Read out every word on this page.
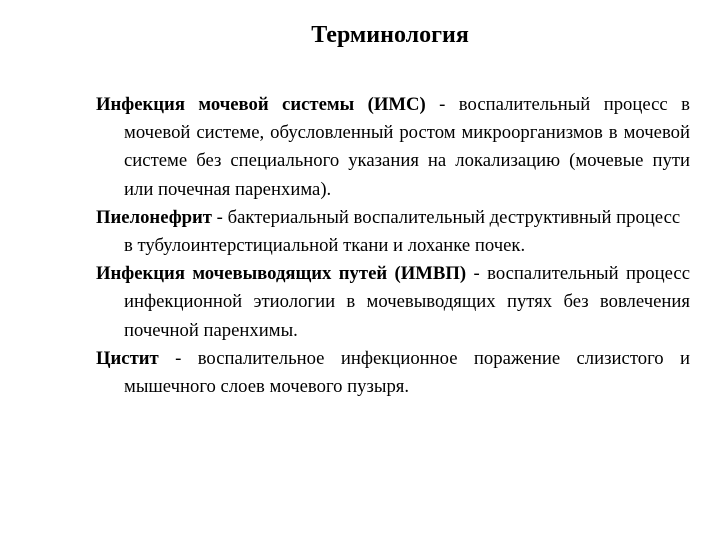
Терминология

Инфекция мочевой системы (ИМС) - воспалительный процесс в мочевой системе, обусловленный ростом микроорганизмов в мочевой системе без специального указания на локализацию (мочевые пути или почечная паренхима).

Пиелонефрит - бактериальный воспалительный деструктивный процесс в тубулоинтерстициальной ткани и лоханке почек.

Инфекция мочевыводящих путей (ИМВП) - воспалительный процесс инфекционной этиологии в мочевыводящих путях без вовлечения почечной паренхимы.

Цистит - воспалительное инфекционное поражение слизистого и мышечного слоев мочевого пузыря.
